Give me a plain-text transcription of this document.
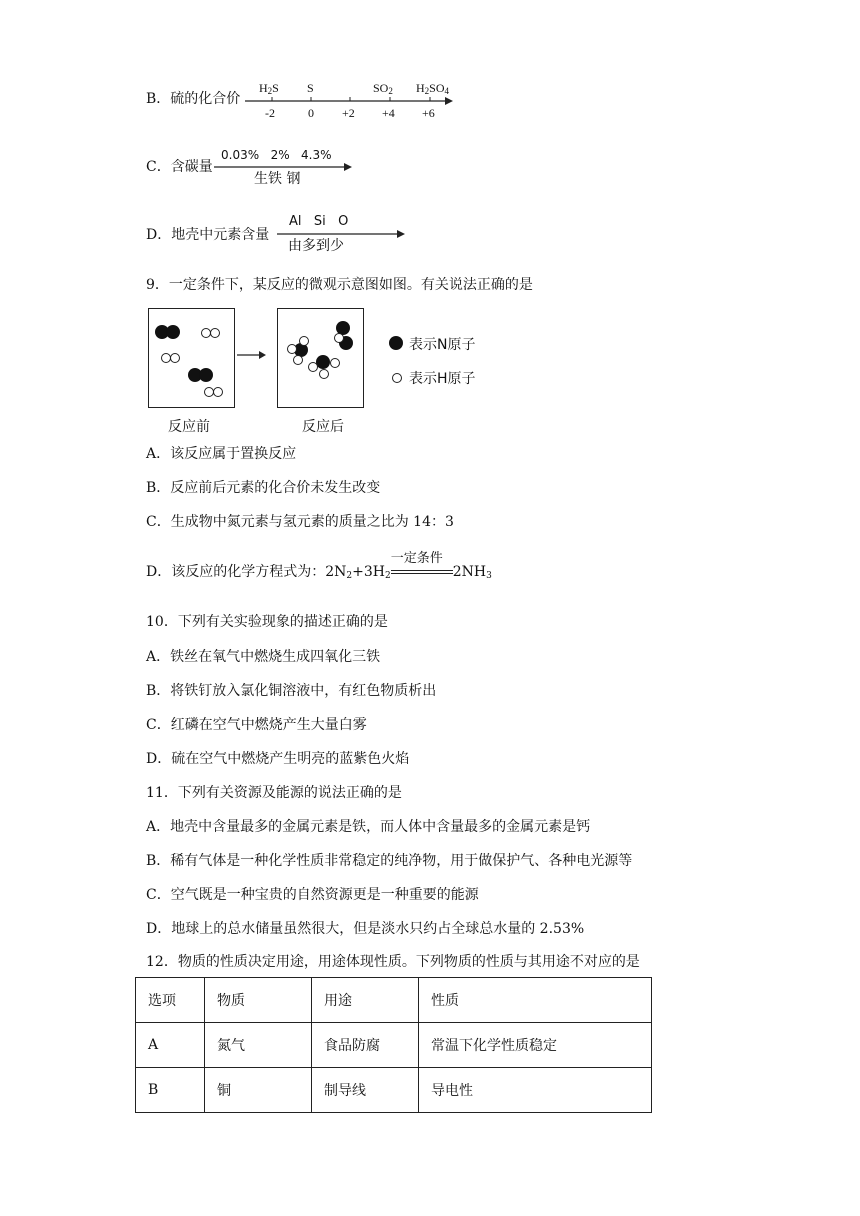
B．硫的化合价
$H_2S$ S	$SO_2$ $H_2SO_4$
-2	0 +2 +4 +6
C．含碳量
0.03%   2%   4.3%
生铁 钢
D．地壳中元素含量
Al   Si   O
由多到少
9．一定条件下，某反应的微观示意图如图。有关说法正确的是
反应前	反应后
表示N原子
表示H原子
A．该反应属于置换反应
B．反应前后元素的化合价未发生改变
C．生成物中氮元素与氢元素的质量之比为 14：3
D．该反应的化学方程式为：$2N_2+3H_2$
一定条件
$2NH_3$
10．下列有关实验现象的描述正确的是
A．铁丝在氧气中燃烧生成四氧化三铁
B．将铁钉放入氯化铜溶液中，有红色物质析出
C．红磷在空气中燃烧产生大量白雾
D．硫在空气中燃烧产生明亮的蓝紫色火焰
11．下列有关资源及能源的说法正确的是
A．地壳中含量最多的金属元素是铁，而人体中含量最多的金属元素是钙
B．稀有气体是一种化学性质非常稳定的纯净物，用于做保护气、各种电光源等
C．空气既是一种宝贵的自然资源更是一种重要的能源
D．地球上的总水储量虽然很大，但是淡水只约占全球总水量的 2.53%
12．物质的性质决定用途，用途体现性质。下列物质的性质与其用途不对应的是
选项	物质	用途	性质
A	氮气	食品防腐	常温下化学性质稳定
B	铜	制导线	导电性
